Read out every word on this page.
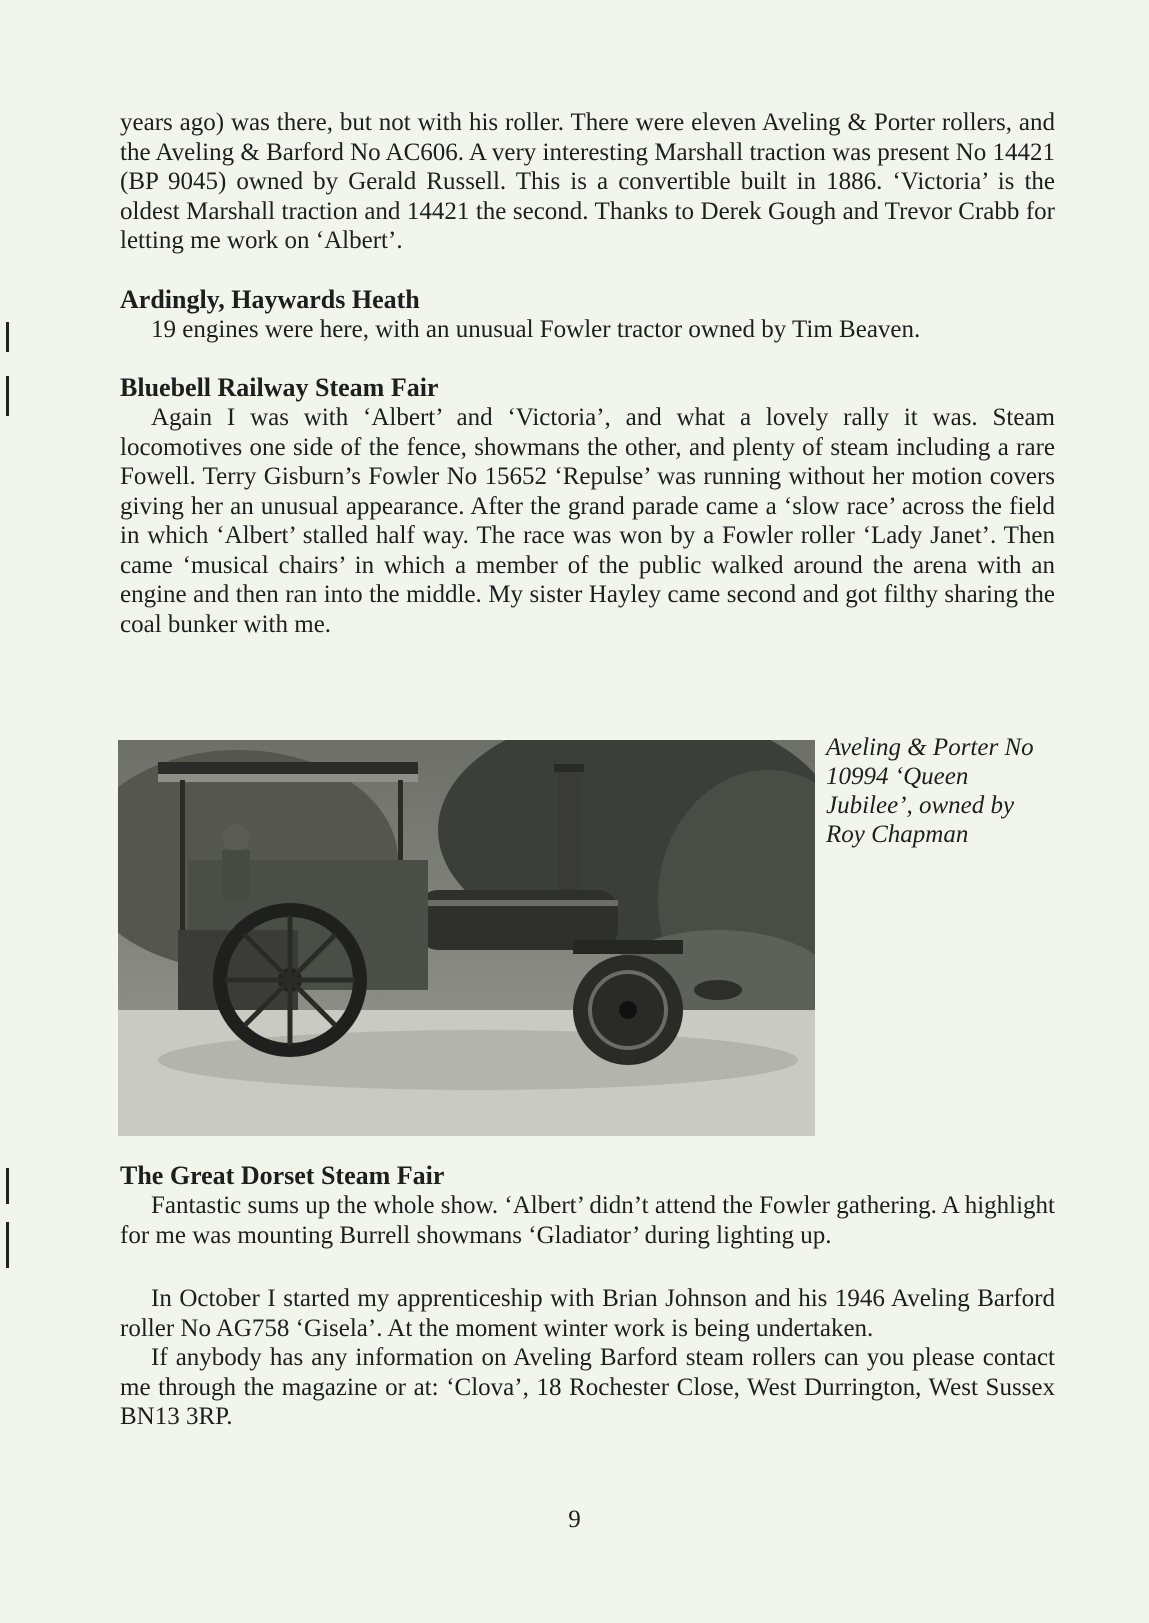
years ago) was there, but not with his roller. There were eleven Aveling & Porter rollers, and the Aveling & Barford No AC606. A very interesting Marshall traction was present No 14421 (BP 9045) owned by Gerald Russell. This is a convertible built in 1886. ‘Victoria’ is the oldest Marshall traction and 14421 the second. Thanks to Derek Gough and Trevor Crabb for letting me work on ‘Albert’.

Ardingly, Haywards Heath

19 engines were here, with an unusual Fowler tractor owned by Tim Beaven.

Bluebell Railway Steam Fair

Again I was with ‘Albert’ and ‘Victoria’, and what a lovely rally it was. Steam locomotives one side of the fence, showmans the other, and plenty of steam including a rare Fowell. Terry Gisburn’s Fowler No 15652 ‘Repulse’ was running without her motion covers giving her an unusual appearance. After the grand parade came a ‘slow race’ across the field in which ‘Albert’ stalled half way. The race was won by a Fowler roller ‘Lady Janet’. Then came ‘musical chairs’ in which a member of the public walked around the arena with an engine and then ran into the middle. My sister Hayley came second and got filthy sharing the coal bunker with me.

Aveling & Porter No 10994 ‘Queen Jubilee’, owned by Roy Chapman
The Great Dorset Steam Fair

Fantastic sums up the whole show. ‘Albert’ didn’t attend the Fowler gathering. A highlight for me was mounting Burrell showmans ‘Gladiator’ during lighting up.

In October I started my apprenticeship with Brian Johnson and his 1946 Aveling Barford roller No AG758 ‘Gisela’. At the moment winter work is being undertaken.

If anybody has any information on Aveling Barford steam rollers can you please contact me through the magazine or at: ‘Clova’, 18 Rochester Close, West Durrington, West Sussex BN13 3RP.

9
